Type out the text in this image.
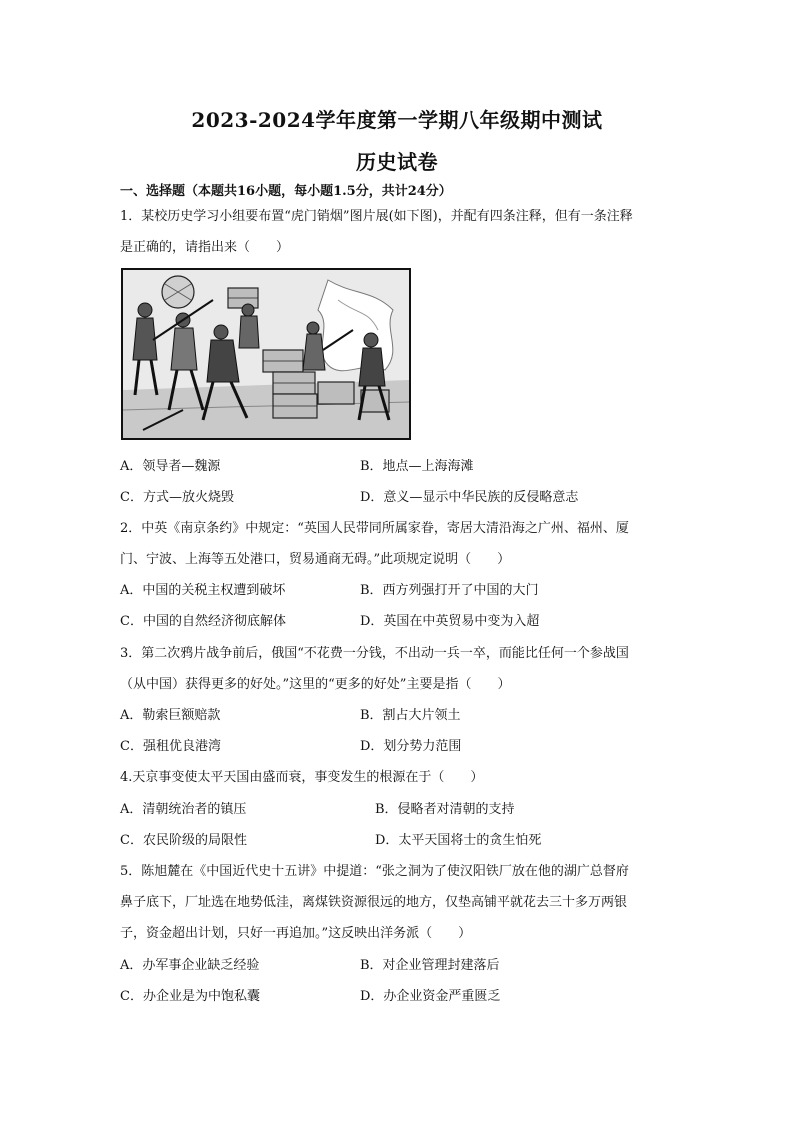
2023-2024学年度第一学期八年级期中测试
历史试卷
一、选择题（本题共16小题，每小题1.5分，共计24分）
1．某校历史学习小组要布置“虎门销烟”图片展(如下图)，并配有四条注释，但有一条注释
是正确的，请指出来（　　）
A．领导者—魏源	B．地点—上海海滩
C．方式—放火烧毁	D．意义—显示中华民族的反侵略意志
2．中英《南京条约》中规定：“英国人民带同所属家眷，寄居大清沿海之广州、福州、厦
门、宁波、上海等五处港口，贸易通商无碍。”此项规定说明（　　）
A．中国的关税主权遭到破坏	B．西方列强打开了中国的大门
C．中国的自然经济彻底解体	D．英国在中英贸易中变为入超
3．第二次鸦片战争前后，俄国“不花费一分钱，不出动一兵一卒，而能比任何一个参战国
（从中国）获得更多的好处。”这里的“更多的好处”主要是指（　　）
A．勒索巨额赔款	B．割占大片领土
C．强租优良港湾	D．划分势力范围
4.天京事变使太平天国由盛而衰，事变发生的根源在于（　　）
A．清朝统治者的镇压	B．侵略者对清朝的支持
C．农民阶级的局限性	D．太平天国将士的贪生怕死
5．陈旭麓在《中国近代史十五讲》中提道：“张之洞为了使汉阳铁厂放在他的湖广总督府
鼻子底下，厂址选在地势低洼，离煤铁资源很远的地方，仅垫高铺平就花去三十多万两银
子，资金超出计划，只好一再追加。”这反映出洋务派（　　）
A．办军事企业缺乏经验	B．对企业管理封建落后
C．办企业是为中饱私囊	D．办企业资金严重匮乏
